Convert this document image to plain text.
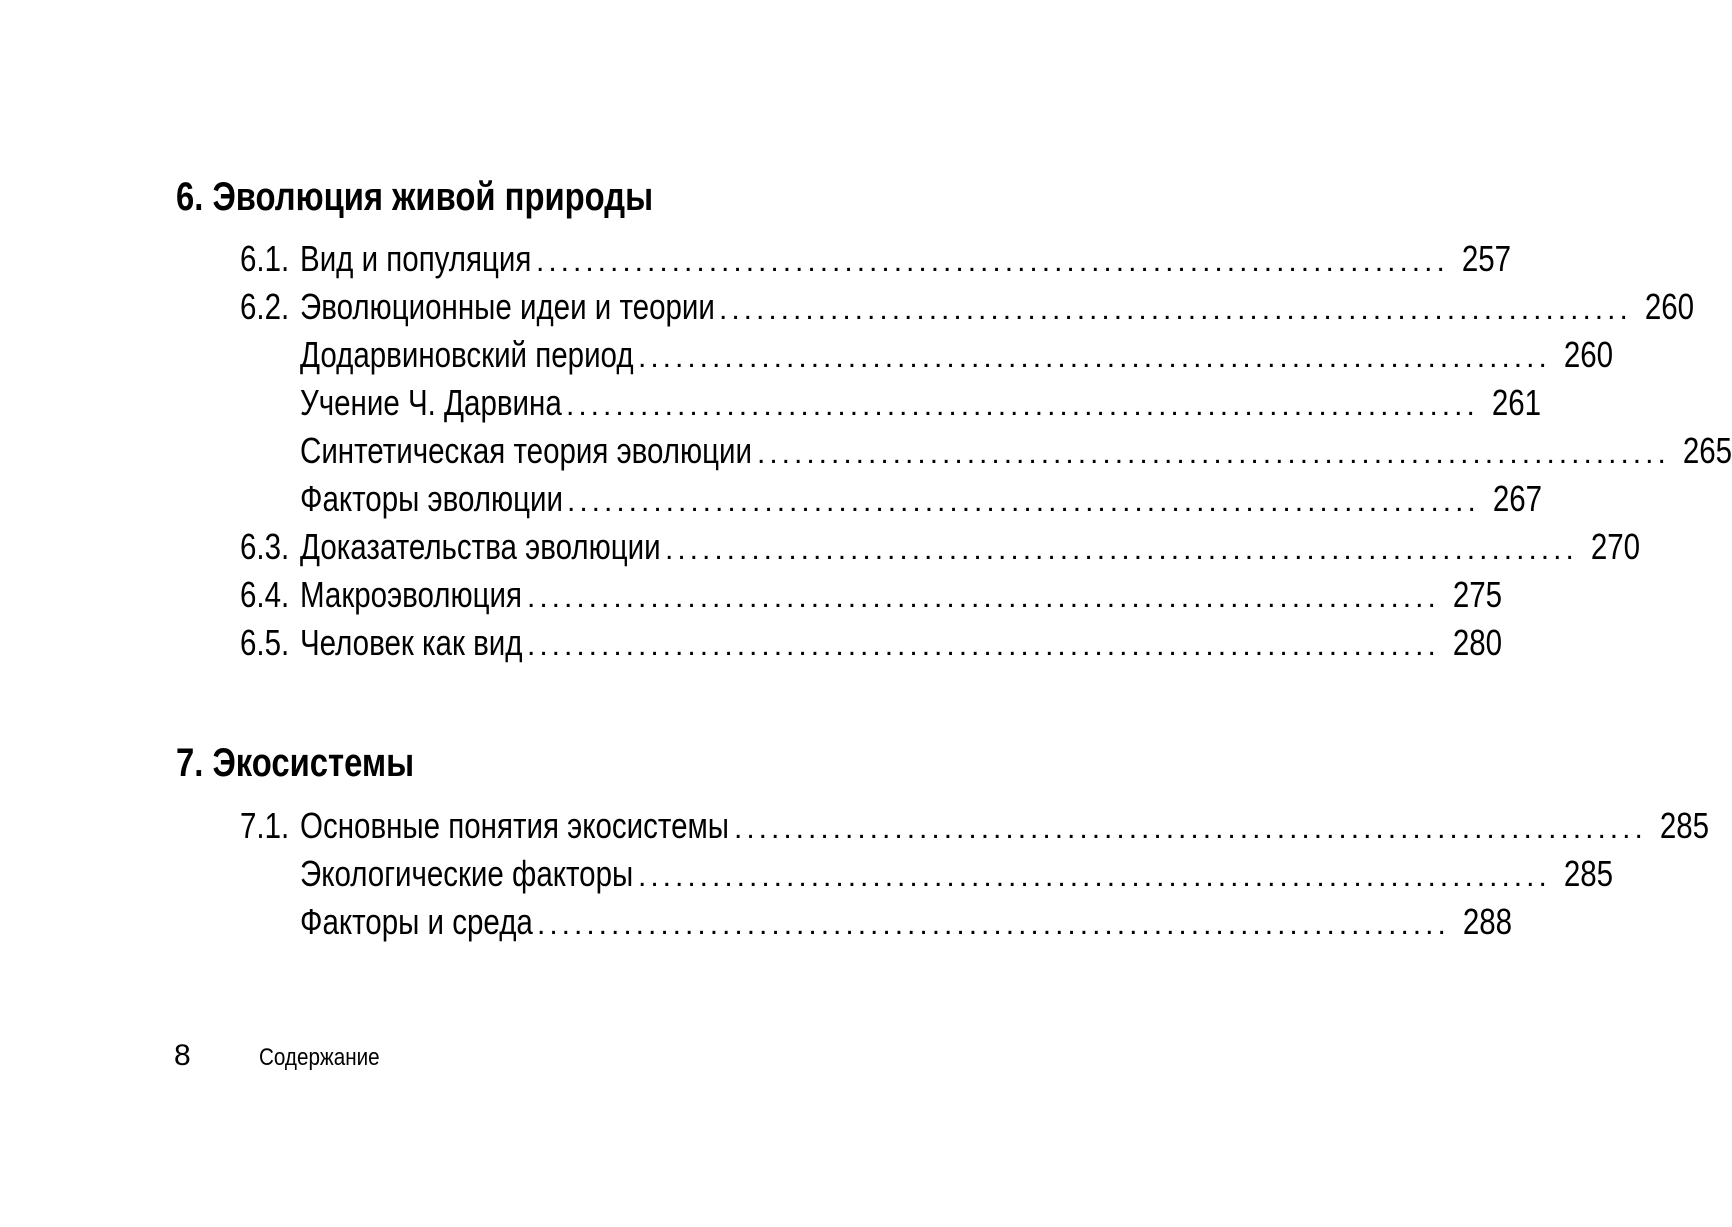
6. Эволюция живой природы
6.1. Вид и популяция .......................................................................... 257
6.2. Эволюционные идеи и теории .......................................................................... 260
Додарвиновский период .......................................................................... 260
Учение Ч. Дарвина .......................................................................... 261
Синтетическая теория эволюции .......................................................................... 265
Факторы эволюции .......................................................................... 267
6.3. Доказательства эволюции .......................................................................... 270
6.4. Макроэволюция .......................................................................... 275
6.5. Человек как вид .......................................................................... 280
7. Экосистемы
7.1. Основные понятия экосистемы .......................................................................... 285
Экологические факторы .......................................................................... 285
Факторы и среда .......................................................................... 288
8	Содержание
